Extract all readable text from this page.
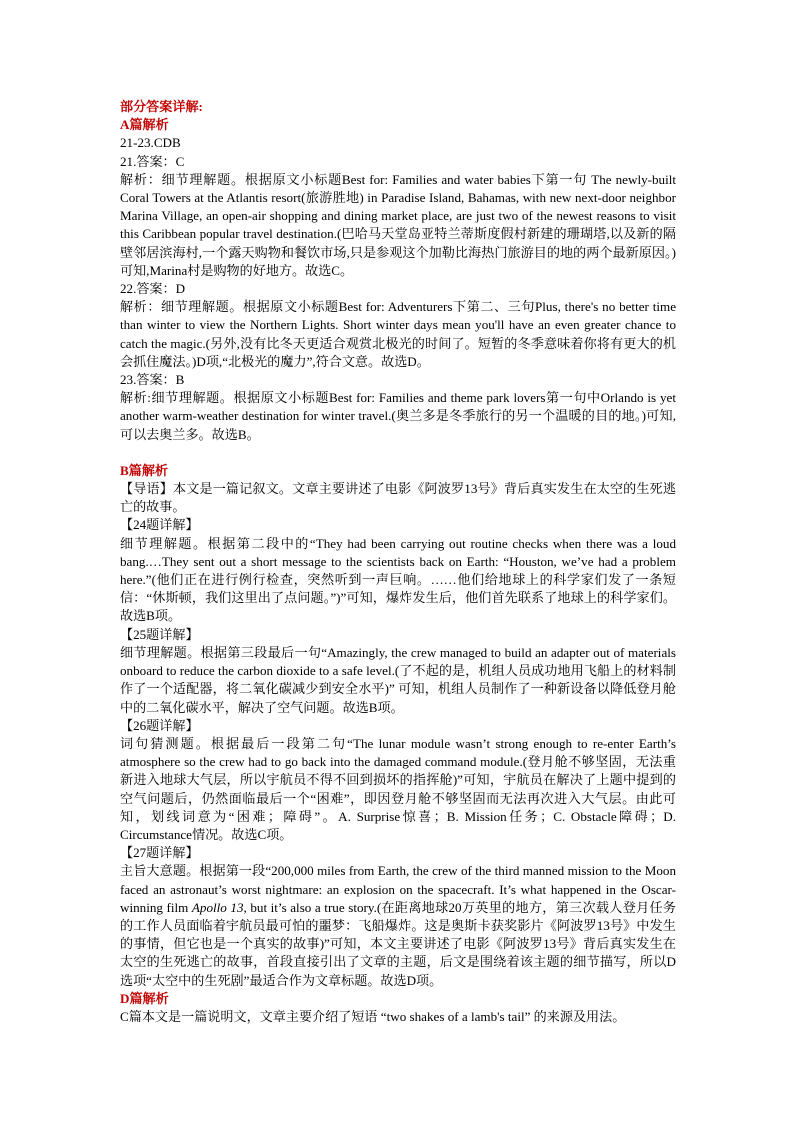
部分答案详解:

A篇解析

21-23.CDB

21.答案：C

解析：细节理解题。根据原文小标题Best for: Families and water babies下第一句 The newly-built Coral Towers at the Atlantis resort(旅游胜地) in Paradise Island, Bahamas, with new next-door neighbor Marina Village, an open-air shopping and dining market place, are just two of the newest reasons to visit this Caribbean popular travel destination.(巴哈马天堂岛亚特兰蒂斯度假村新建的珊瑚塔,以及新的隔壁邻居滨海村,一个露天购物和餐饮市场,只是参观这个加勒比海热门旅游目的地的两个最新原因。)可知,Marina村是购物的好地方。故选C。

22.答案：D

解析：细节理解题。根据原文小标题Best for: Adventurers下第二、三句Plus, there's no better time than winter to view the Northern Lights. Short winter days mean you'll have an even greater chance to catch the magic.(另外,没有比冬天更适合观赏北极光的时间了。短暂的冬季意味着你将有更大的机会抓住魔法。)D项,“北极光的魔力”,符合文意。故选D。

23.答案：B

解析:细节理解题。根据原文小标题Best for: Families and theme park lovers第一句中Orlando is yet another warm-weather destination for winter travel.(奥兰多是冬季旅行的另一个温暖的目的地。)可知,可以去奥兰多。故选B。

B篇解析

【导语】本文是一篇记叙文。文章主要讲述了电影《阿波罗13号》背后真实发生在太空的生死逃亡的故事。

【24题详解】

细节理解题。根据第二段中的“They had been carrying out routine checks when there was a loud bang.…They sent out a short message to the scientists back on Earth: “Houston, we’ve had a problem here.”(他们正在进行例行检查，突然听到一声巨响。……他们给地球上的科学家们发了一条短信：“休斯顿，我们这里出了点问题。”)”可知，爆炸发生后，他们首先联系了地球上的科学家们。故选B项。

【25题详解】

细节理解题。根据第三段最后一句“Amazingly, the crew managed to build an adapter out of materials onboard to reduce the carbon dioxide to a safe level.(了不起的是，机组人员成功地用飞船上的材料制作了一个适配器，将二氧化碳减少到安全水平)” 可知，机组人员制作了一种新设备以降低登月舱中的二氧化碳水平，解决了空气问题。故选B项。

【26题详解】

词句猜测题。根据最后一段第二句“The lunar module wasn’t strong enough to re-enter Earth’s atmosphere so the crew had to go back into the damaged command module.(登月舱不够坚固，无法重新进入地球大气层，所以宇航员不得不回到损坏的指挥舱)”可知，宇航员在解决了上题中提到的空气问题后，仍然面临最后一个“困难”，即因登月舱不够坚固而无法再次进入大气层。由此可知，划线词意为“困难；障碍”。A. Surprise惊喜；B. Mission任务；C. Obstacle障碍；D. Circumstance情况。故选C项。

【27题详解】

主旨大意题。根据第一段“200,000 miles from Earth, the crew of the third manned mission to the Moon faced an astronaut’s worst nightmare: an explosion on the spacecraft. It’s what happened in the Oscar-winning film Apollo 13, but it’s also a true story.(在距离地球20万英里的地方，第三次载人登月任务的工作人员面临着宇航员最可怕的噩梦：飞船爆炸。这是奥斯卡获奖影片《阿波罗13号》中发生的事情，但它也是一个真实的故事)”可知，本文主要讲述了电影《阿波罗13号》背后真实发生在太空的生死逃亡的故事，首段直接引出了文章的主题，后文是围绕着该主题的细节描写，所以D选项“太空中的生死剧”最适合作为文章标题。故选D项。

D篇解析

C篇本文是一篇说明文，文章主要介绍了短语 “two shakes of a lamb's tail” 的来源及用法。
